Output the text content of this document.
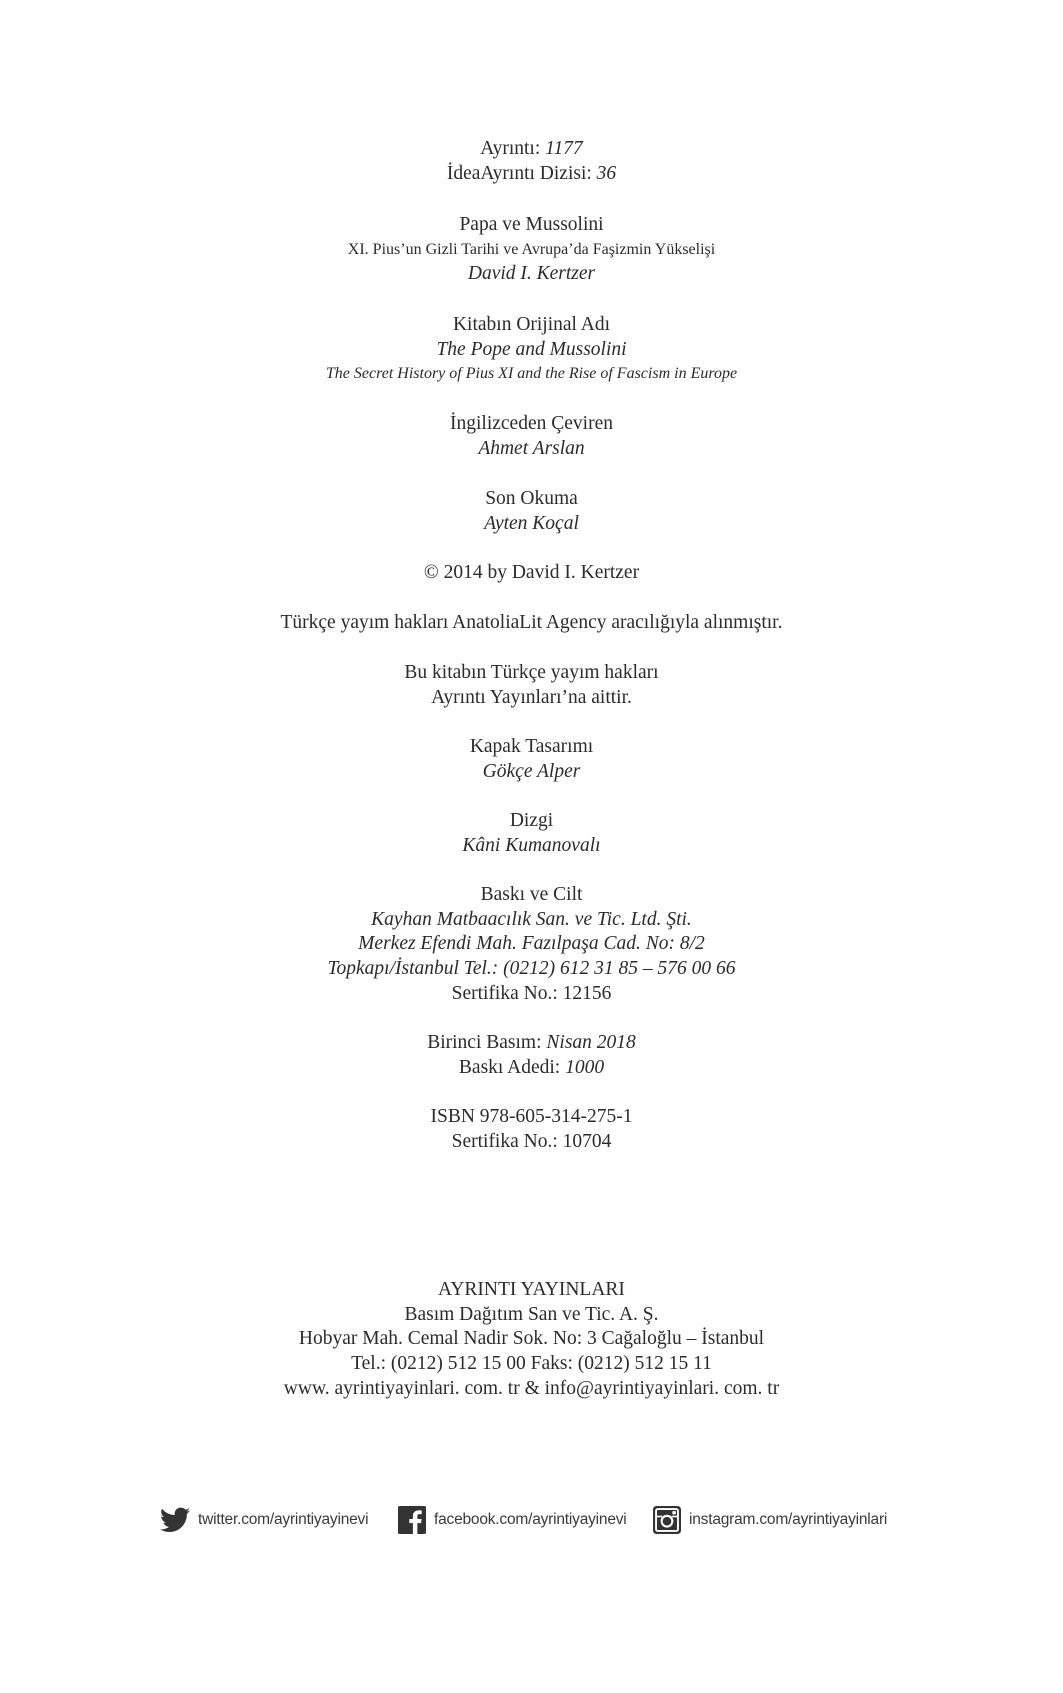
Ayrıntı: 1177
İdeaAyrıntı Dizisi: 36
Papa ve Mussolini
XI. Pius’un Gizli Tarihi ve Avrupa’da Faşizmin Yükselişi
David I. Kertzer
Kitabın Orijinal Adı
The Pope and Mussolini
The Secret History of Pius XI and the Rise of Fascism in Europe
İngilizceden Çeviren
Ahmet Arslan
Son Okuma
Ayten Koçal
© 2014 by David I. Kertzer
Türkçe yayım hakları AnatoliaLit Agency aracılığıyla alınmıştır.
Bu kitabın Türkçe yayım hakları
Ayrıntı Yayınları’na aittir.
Kapak Tasarımı
Gökçe Alper
Dizgi
Kâni Kumanovalı
Baskı ve Cilt
Kayhan Matbaacılık San. ve Tic. Ltd. Şti.
Merkez Efendi Mah. Fazılpaşa Cad. No: 8/2
Topkapı/İstanbul Tel.: (0212) 612 31 85 – 576 00 66
Sertifika No.: 12156
Birinci Basım: Nisan 2018
Baskı Adedi: 1000
ISBN 978-605-314-275-1
Sertifika No.: 10704
AYRINTI YAYINLARI
Basım Dağıtım San ve Tic. A. Ş.
Hobyar Mah. Cemal Nadir Sok. No: 3 Cağaloğlu – İstanbul
Tel.: (0212) 512 15 00 Faks: (0212) 512 15 11
www. ayrintiyayinlari. com. tr & info@ayrintiyayinlari. com. tr
twitter.com/ayrintiyayinevi	facebook.com/ayrintiyayinevi	instagram.com/ayrintiyayinlari
